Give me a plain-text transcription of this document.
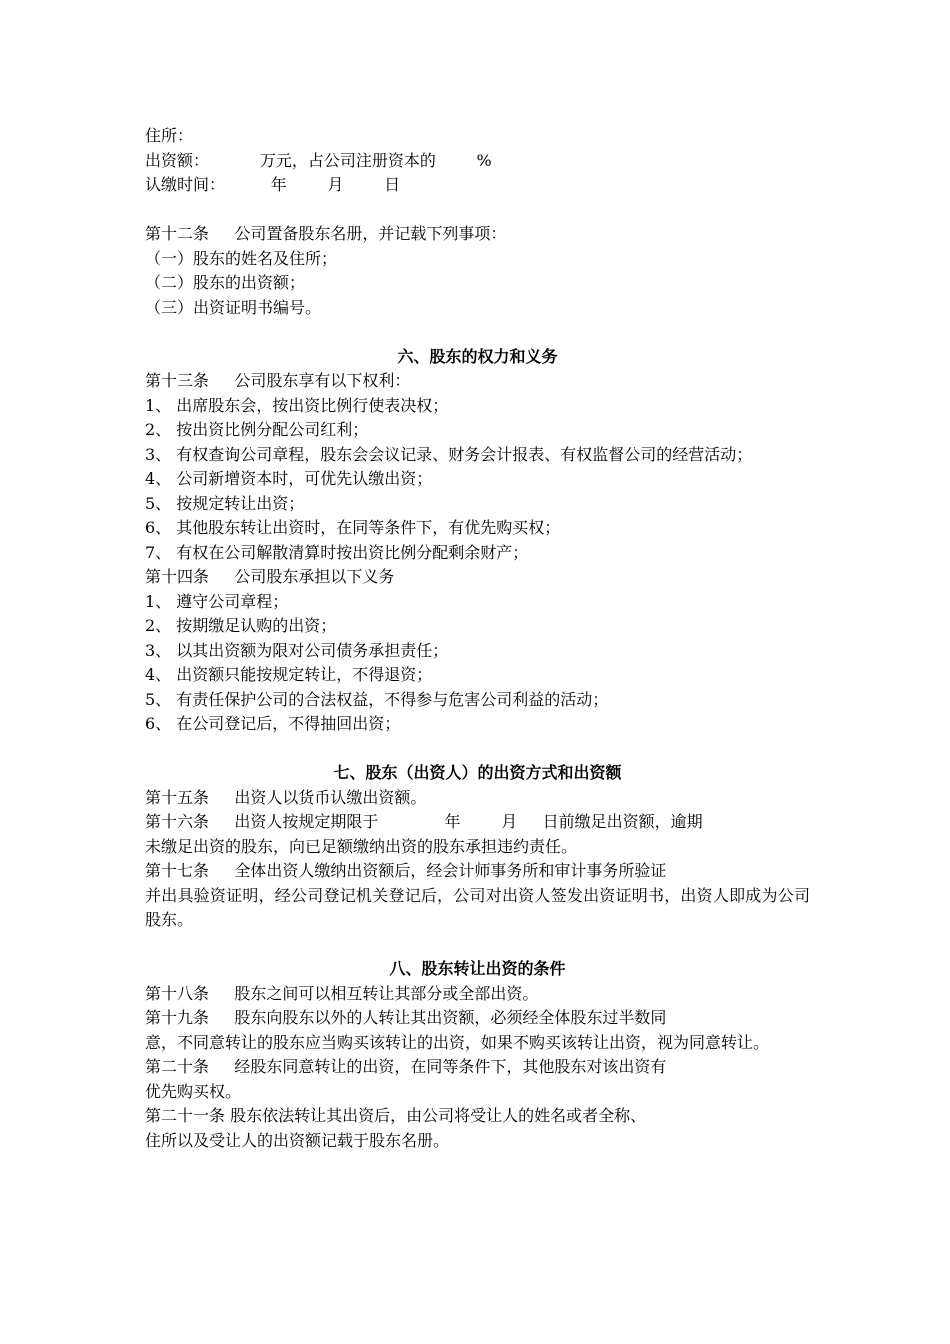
住所：

出资额：          万元，占公司注册资本的        %

认缴时间：         年        月        日

第十二条     公司置备股东名册，并记载下列事项：

（一）股东的姓名及住所；

（二）股东的出资额；

（三）出资证明书编号。

六、股东的权力和义务

第十三条     公司股东享有以下权利：

1、 出席股东会，按出资比例行使表决权；

2、 按出资比例分配公司红利；

3、 有权查询公司章程，股东会会议记录、财务会计报表、有权监督公司的经营活动；

4、 公司新增资本时，可优先认缴出资；

5、 按规定转让出资；

6、 其他股东转让出资时，在同等条件下，有优先购买权；

7、 有权在公司解散清算时按出资比例分配剩余财产；

第十四条     公司股东承担以下义务

1、 遵守公司章程；

2、 按期缴足认购的出资；

3、 以其出资额为限对公司债务承担责任；

4、 出资额只能按规定转让，不得退资；

5、 有责任保护公司的合法权益，不得参与危害公司利益的活动；

6、 在公司登记后，不得抽回出资；

七、股东（出资人）的出资方式和出资额

第十五条     出资人以货币认缴出资额。

第十六条     出资人按规定期限于             年        月     日前缴足出资额，逾期

未缴足出资的股东，向已足额缴纳出资的股东承担违约责任。

第十七条     全体出资人缴纳出资额后，经会计师事务所和审计事务所验证

并出具验资证明，经公司登记机关登记后，公司对出资人签发出资证明书，出资人即成为公司股东。

八、股东转让出资的条件

第十八条     股东之间可以相互转让其部分或全部出资。

第十九条     股东向股东以外的人转让其出资额，必须经全体股东过半数同

意，不同意转让的股东应当购买该转让的出资，如果不购买该转让出资，视为同意转让。

第二十条     经股东同意转让的出资，在同等条件下，其他股东对该出资有

优先购买权。

第二十一条 股东依法转让其出资后，由公司将受让人的姓名或者全称、

住所以及受让人的出资额记载于股东名册。
